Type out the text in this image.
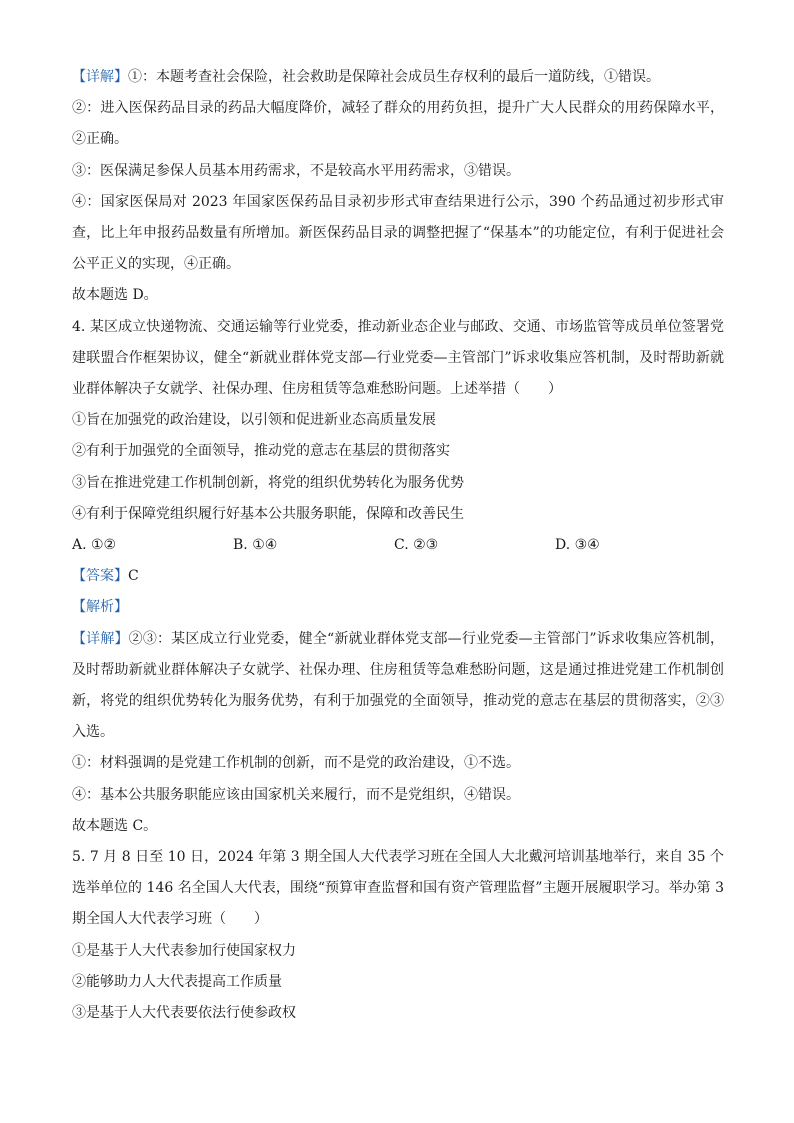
【详解】①：本题考查社会保险，社会救助是保障社会成员生存权利的最后一道防线，①错误。

②：进入医保药品目录的药品大幅度降价，减轻了群众的用药负担，提升广大人民群众的用药保障水平，②正确。

③：医保满足参保人员基本用药需求，不是较高水平用药需求，③错误。

④：国家医保局对 2023 年国家医保药品目录初步形式审查结果进行公示，390 个药品通过初步形式审查，比上年申报药品数量有所增加。新医保药品目录的调整把握了“保基本”的功能定位，有利于促进社会公平正义的实现，④正确。

故本题选 D。

4. 某区成立快递物流、交通运输等行业党委，推动新业态企业与邮政、交通、市场监管等成员单位签署党建联盟合作框架协议，健全“新就业群体党支部—行业党委—主管部门”诉求收集应答机制，及时帮助新就业群体解决子女就学、社保办理、住房租赁等急难愁盼问题。上述举措（　　）

①旨在加强党的政治建设，以引领和促进新业态高质量发展

②有利于加强党的全面领导，推动党的意志在基层的贯彻落实

③旨在推进党建工作机制创新，将党的组织优势转化为服务优势

④有利于保障党组织履行好基本公共服务职能，保障和改善民生

A. ①②	B. ①④	C. ②③	D. ③④

【答案】C

【解析】

【详解】②③：某区成立行业党委，健全“新就业群体党支部—行业党委—主管部门”诉求收集应答机制，及时帮助新就业群体解决子女就学、社保办理、住房租赁等急难愁盼问题，这是通过推进党建工作机制创新，将党的组织优势转化为服务优势，有利于加强党的全面领导，推动党的意志在基层的贯彻落实，②③入选。

①：材料强调的是党建工作机制的创新，而不是党的政治建设，①不选。

④：基本公共服务职能应该由国家机关来履行，而不是党组织，④错误。

故本题选 C。

5. 7 月 8 日至 10 日，2024 年第 3 期全国人大代表学习班在全国人大北戴河培训基地举行，来自 35 个选举单位的 146 名全国人大代表，围绕“预算审查监督和国有资产管理监督”主题开展履职学习。举办第 3 期全国人大代表学习班（　　）

①是基于人大代表参加行使国家权力

②能够助力人大代表提高工作质量

③是基于人大代表要依法行使参政权
